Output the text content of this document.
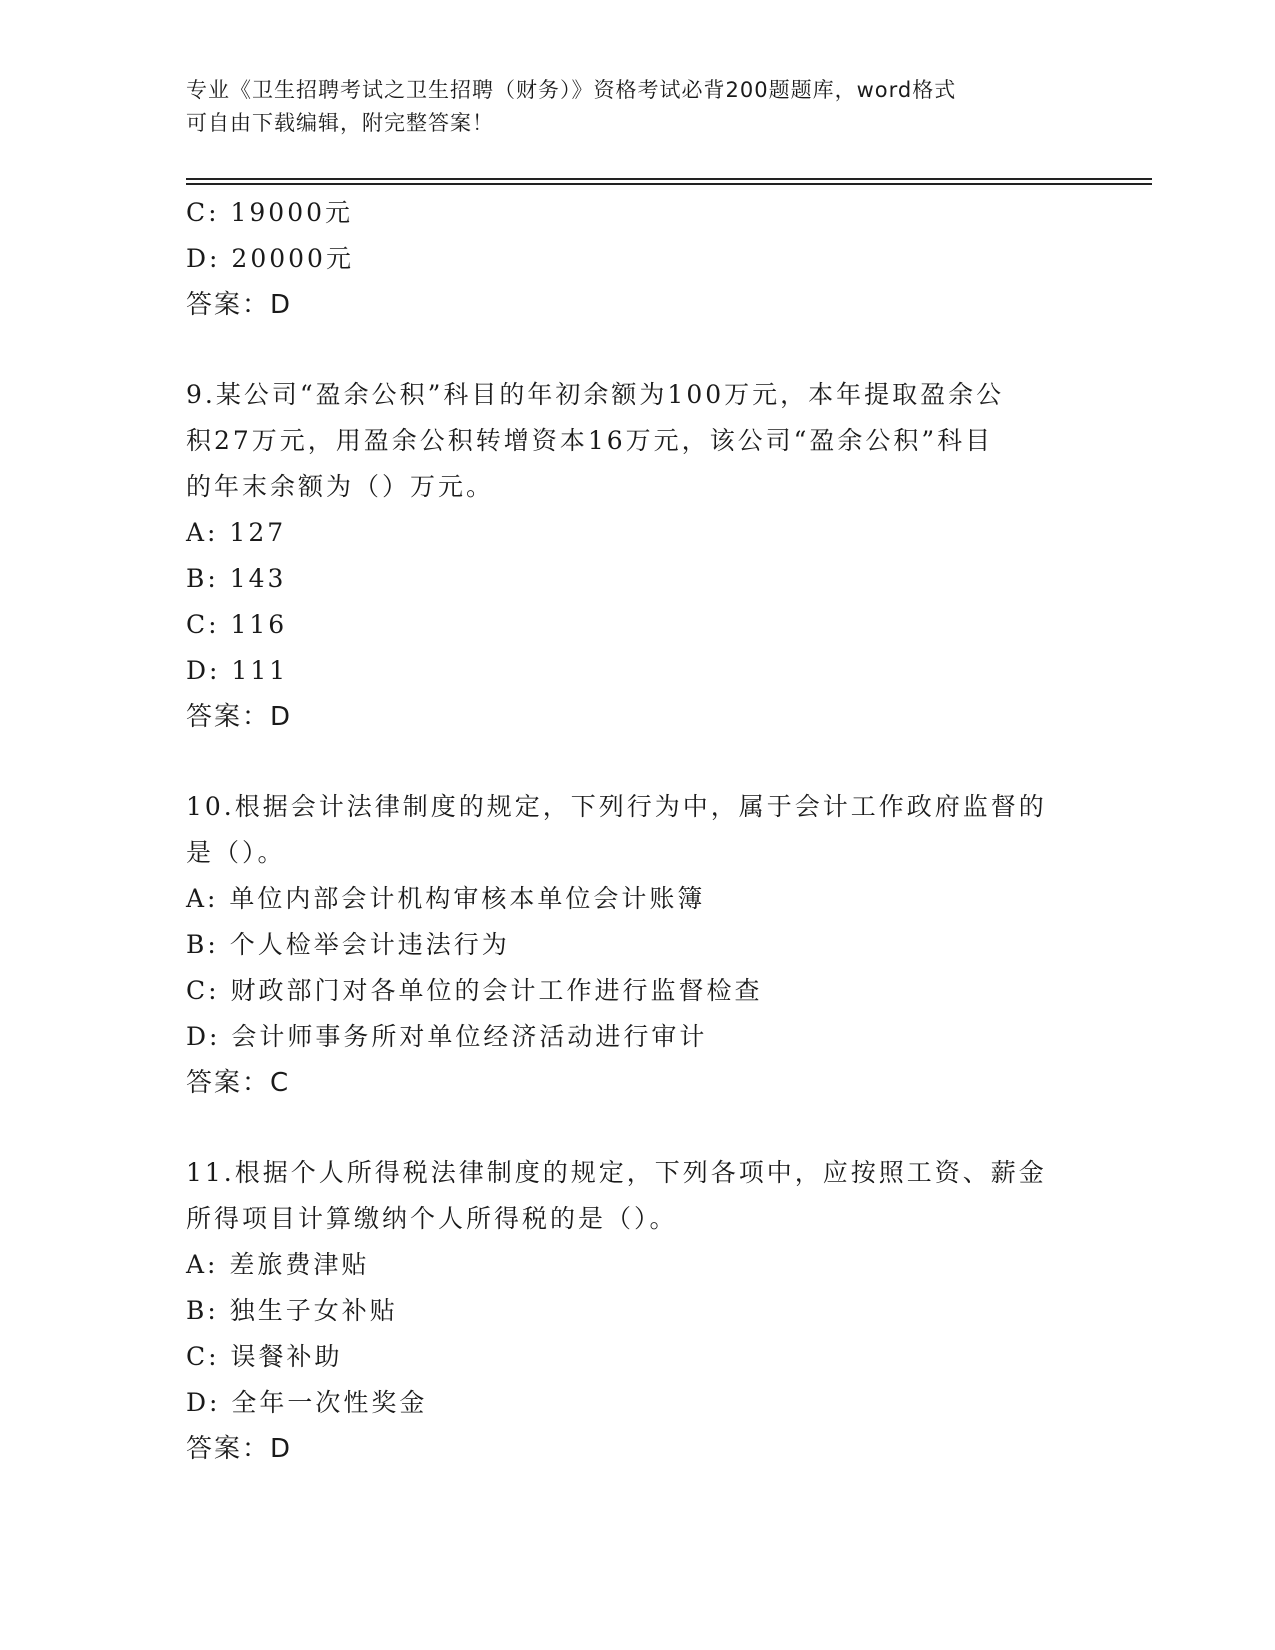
专业《卫生招聘考试之卫生招聘（财务）》资格考试必背200题题库，word格式
可自由下载编辑，附完整答案！
C: 19000元
D: 20000元
答案：D
9.某公司“盈余公积”科目的年初余额为100万元，本年提取盈余公
积27万元，用盈余公积转增资本16万元，该公司“盈余公积”科目
的年末余额为（）万元。
A: 127
B: 143
C: 116
D: 111
答案：D
10.根据会计法律制度的规定，下列行为中，属于会计工作政府监督的
是（）。
A: 单位内部会计机构审核本单位会计账簿
B: 个人检举会计违法行为
C: 财政部门对各单位的会计工作进行监督检查
D: 会计师事务所对单位经济活动进行审计
答案：C
11.根据个人所得税法律制度的规定，下列各项中，应按照工资、薪金
所得项目计算缴纳个人所得税的是（）。
A: 差旅费津贴
B: 独生子女补贴
C: 误餐补助
D: 全年一次性奖金
答案：D
